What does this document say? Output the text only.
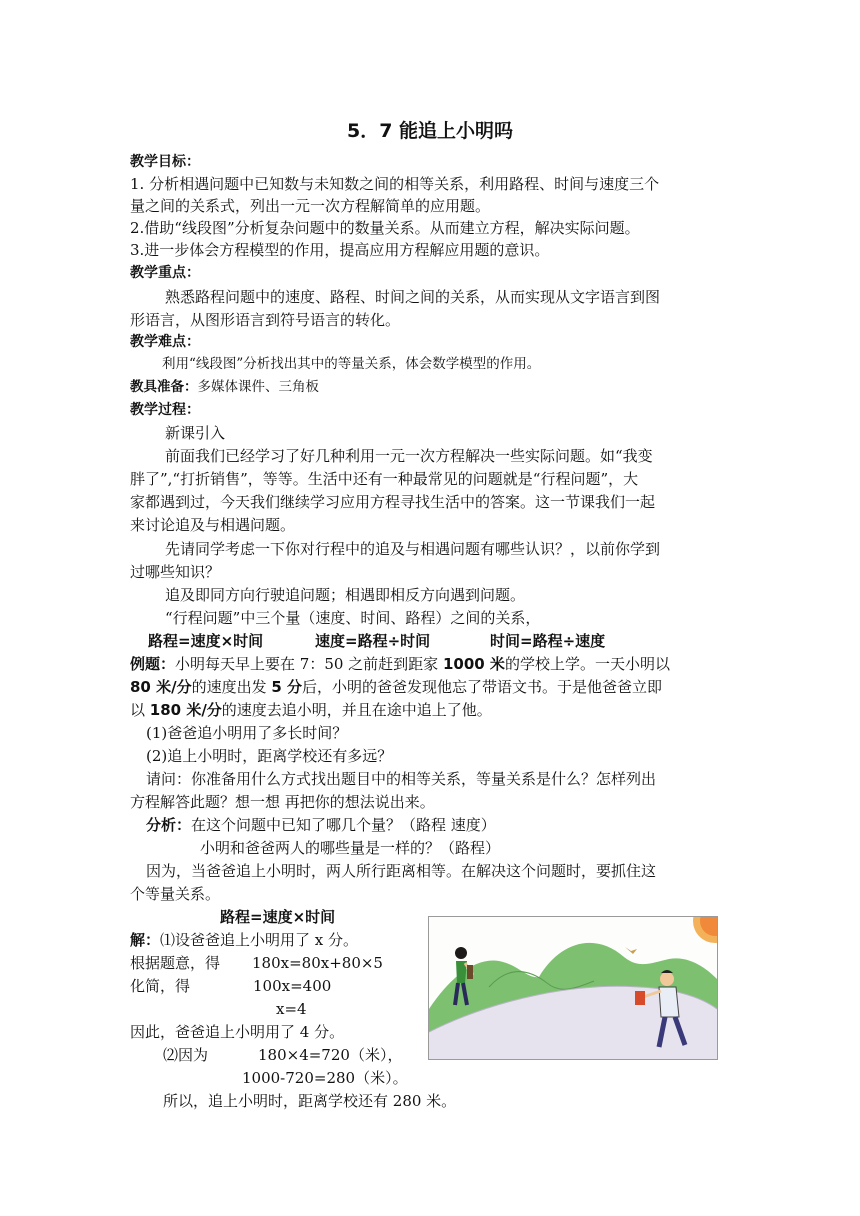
5．7 能追上小明吗
教学目标：
1. 分析相遇问题中已知数与未知数之间的相等关系，利用路程、时间与速度三个
量之间的关系式，列出一元一次方程解简单的应用题。
2.借助“线段图”分析复杂问题中的数量关系。从而建立方程，解决实际问题。
3.进一步体会方程模型的作用，提高应用方程解应用题的意识。
教学重点：
熟悉路程问题中的速度、路程、时间之间的关系，从而实现从文字语言到图
形语言，从图形语言到符号语言的转化。
教学难点：
利用“线段图”分析找出其中的等量关系，体会数学模型的作用。
教具准备：多媒体课件、三角板
教学过程：
新课引入
前面我们已经学习了好几种利用一元一次方程解决一些实际问题。如“我变
胖了”,“打折销售”，等等。生活中还有一种最常见的问题就是“行程问题”，大
家都遇到过，今天我们继续学习应用方程寻找生活中的答案。这一节课我们一起
来讨论追及与相遇问题。
先请同学考虑一下你对行程中的追及与相遇问题有哪些认识？，以前你学到
过哪些知识？
追及即同方向行驶追问题；相遇即相反方向遇到问题。
“行程问题”中三个量（速度、时间、路程）之间的关系，
路程=速度×时间	速度=路程÷时间	时间=路程÷速度
例题：小明每天早上要在 7：50 之前赶到距家 1000 米的学校上学。一天小明以
80 米/分的速度出发 5 分后，小明的爸爸发现他忘了带语文书。于是他爸爸立即
以 180 米/分的速度去追小明，并且在途中追上了他。
(1)爸爸追小明用了多长时间？
(2)追上小明时，距离学校还有多远？
请问：你准备用什么方式找出题目中的相等关系，等量关系是什么？怎样列出
方程解答此题？想一想 再把你的想法说出来。
分析：在这个问题中已知了哪几个量？（路程 速度）
小明和爸爸两人的哪些量是一样的？（路程）
因为，当爸爸追上小明时，两人所行距离相等。在解决这个问题时，要抓住这
个等量关系。
路程=速度×时间
解：⑴设爸爸追上小明用了 x 分。
根据题意，得 180x=80x+80×5
化简，得	100x=400
x=4
因此，爸爸追上小明用了 4 分。
⑵因为	180×4=720（米），
1000-720=280（米）。
所以，追上小明时，距离学校还有 280 米。
